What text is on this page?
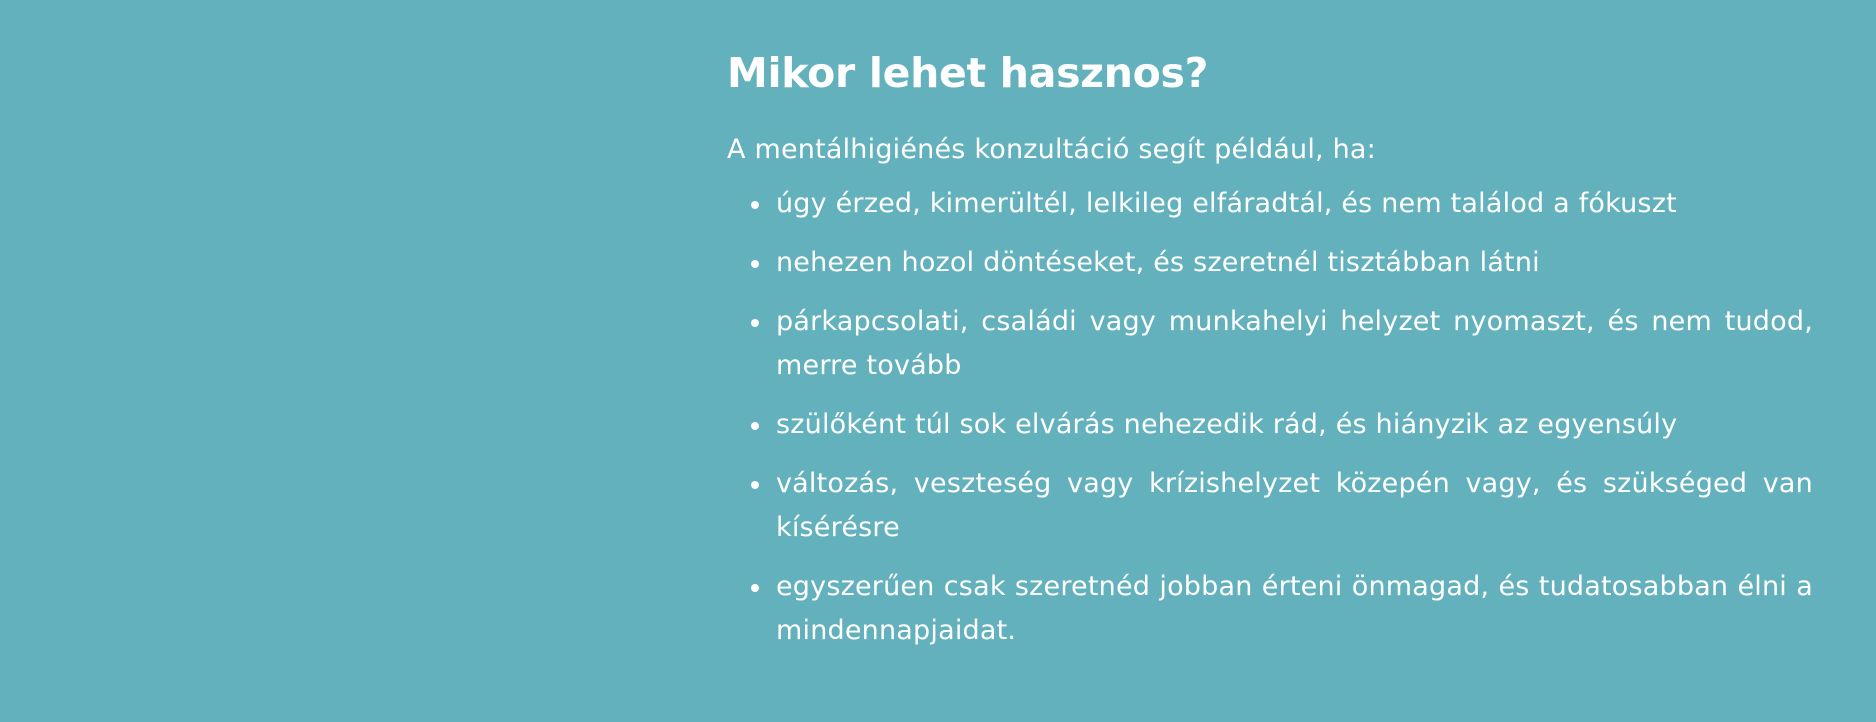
Mikor lehet hasznos?

A mentálhigiénés konzultáció segít például, ha:

úgy érzed, kimerültél, lelkileg elfáradtál, és nem találod a fókuszt
nehezen hozol döntéseket, és szeretnél tisztábban látni
párkapcsolati, családi vagy munkahelyi helyzet nyomaszt, és nem tudod, merre tovább
szülőként túl sok elvárás nehezedik rád, és hiányzik az egyensúly
változás, veszteség vagy krízishelyzet közepén vagy, és szükséged van kísérésre
egyszerűen csak szeretnéd jobban érteni önmagad, és tudatosabban élni a mindennapjaidat.
